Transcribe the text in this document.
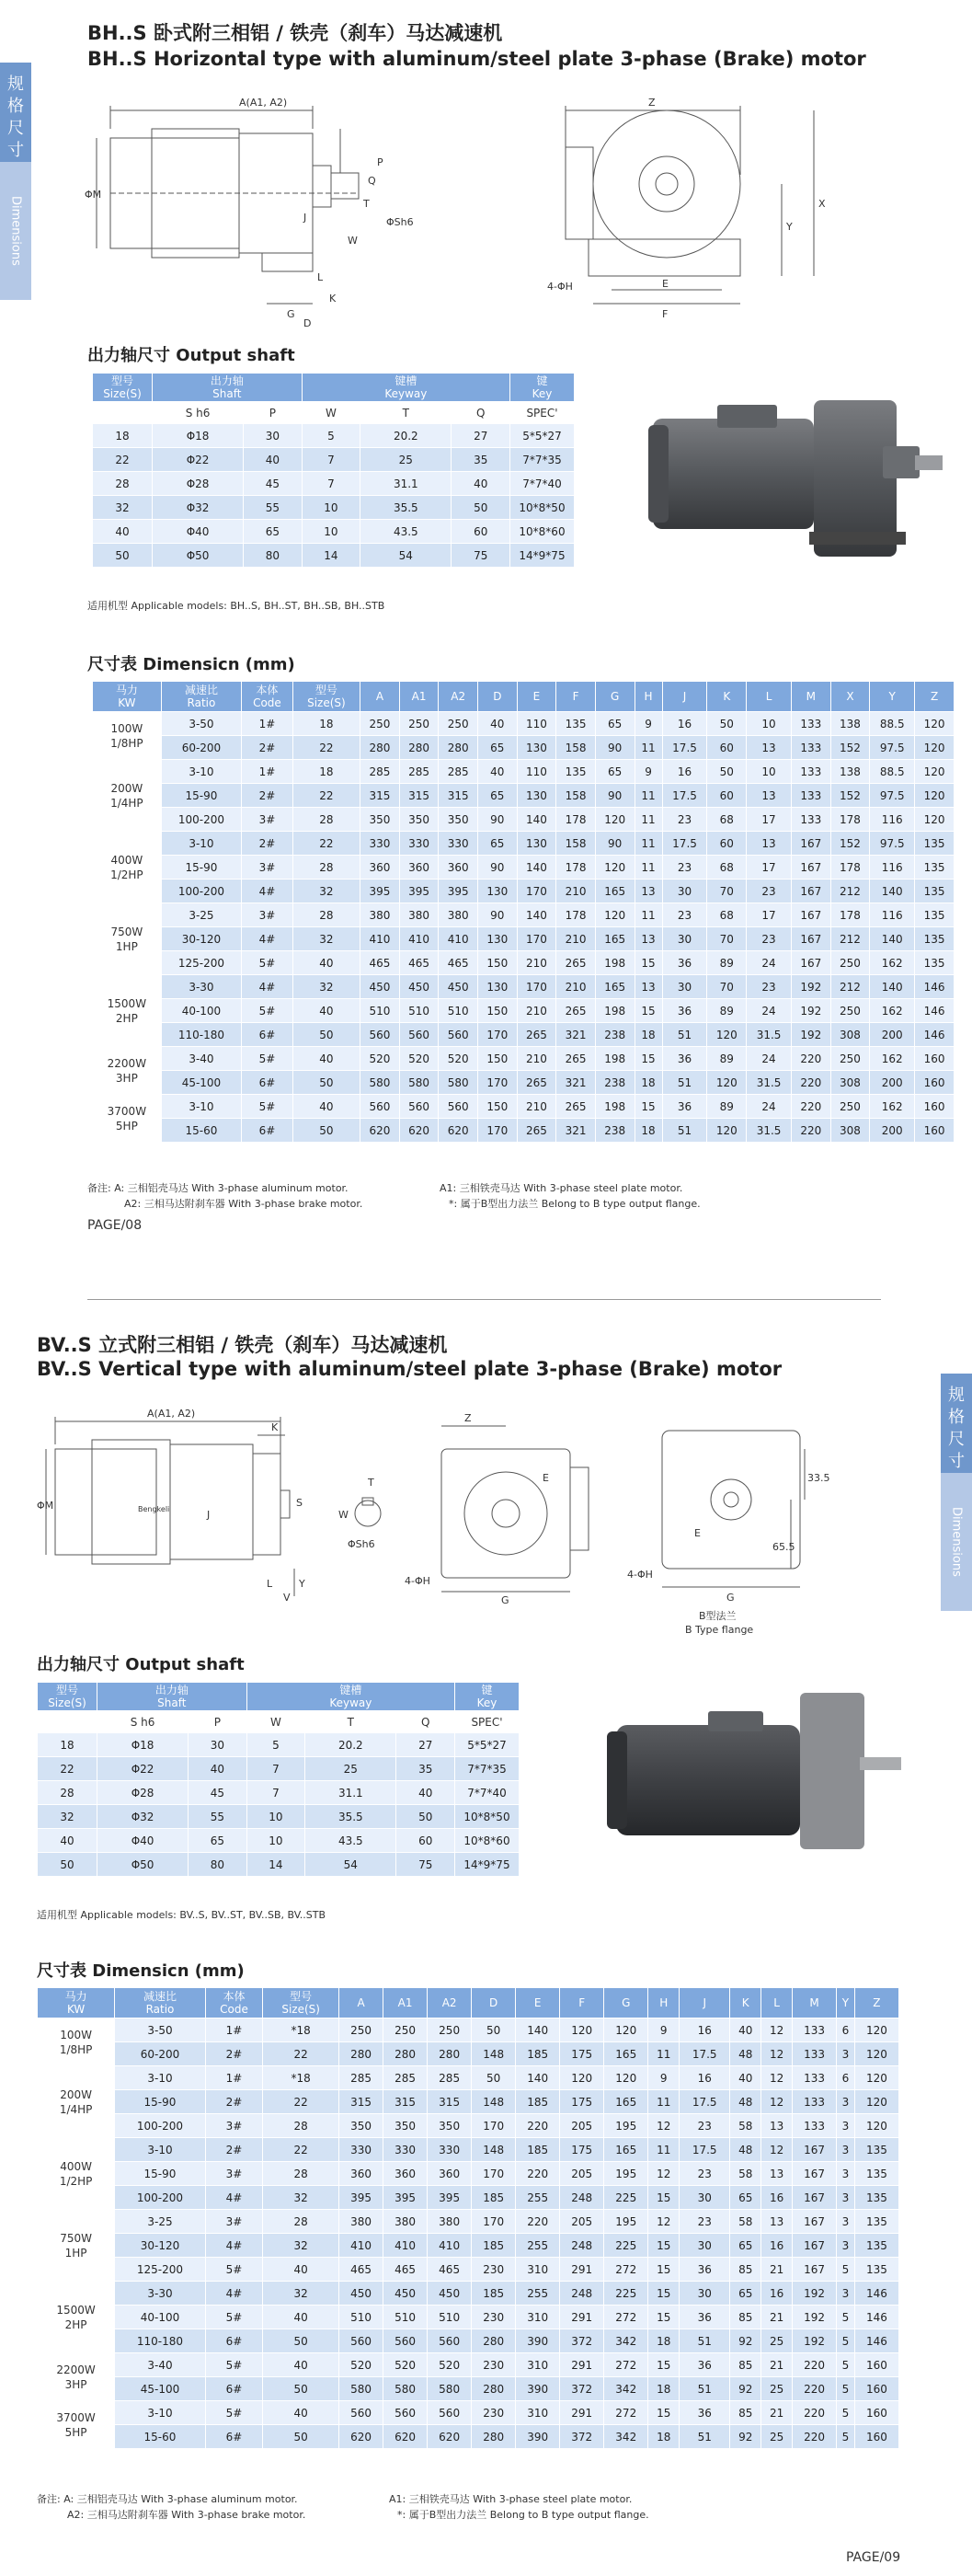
规格尺寸
Dimensions
规格尺寸
Dimensions
BH..S 卧式附三相铝 / 铁壳（刹车）马达减速机
BH..S Horizontal type with aluminum/steel plate 3-phase (Brake) motor
A(A1, A2)
P
Q
T
W
ΦM
J
L
G
K
D
ΦSh6
Z
X
Y
4-ΦH	E
F
出力轴尺寸 Output shaft
型号
Size(S)	出力轴
Shaft		键槽
Keyway			键
Key
	S h6	P	W	T	Q	SPEC'
18	Φ18	30	5	20.2	27	5*5*27
22	Φ22	40	7	25	35	7*7*35
28	Φ28	45	7	31.1	40	7*7*40
32	Φ32	55	10	35.5	50	10*8*50
40	Φ40	65	10	43.5	60	10*8*60
50	Φ50	80	14	54	75	14*9*75
适用机型 Applicable models: BH..S, BH..ST, BH..SB, BH..STB
尺寸表 Dimensicn (mm)
马力
KW	减速比
Ratio	本体
Code	型号
Size(S)	A	A1	A2	D	E	F	G	H	J	K	L	M	X	Y	Z
100W
1/8HP	3-50	1#	18	250	250	250	40	110	135	65	9	16	50	10	133	138	88.5	120
	60-200	2#	22	280	280	280	65	130	158	90	11	17.5	60	13	133	152	97.5	120
200W
1/4HP	3-10	1#	18	285	285	285	40	110	135	65	9	16	50	10	133	138	88.5	120
	15-90	2#	22	315	315	315	65	130	158	90	11	17.5	60	13	133	152	97.5	120
	100-200	3#	28	350	350	350	90	140	178	120	11	23	68	17	133	178	116	120
400W
1/2HP	3-10	2#	22	330	330	330	65	130	158	90	11	17.5	60	13	167	152	97.5	135
	15-90	3#	28	360	360	360	90	140	178	120	11	23	68	17	167	178	116	135
	100-200	4#	32	395	395	395	130	170	210	165	13	30	70	23	167	212	140	135
750W
1HP	3-25	3#	28	380	380	380	90	140	178	120	11	23	68	17	167	178	116	135
	30-120	4#	32	410	410	410	130	170	210	165	13	30	70	23	167	212	140	135
	125-200	5#	40	465	465	465	150	210	265	198	15	36	89	24	167	250	162	135
1500W
2HP	3-30	4#	32	450	450	450	130	170	210	165	13	30	70	23	192	212	140	146
	40-100	5#	40	510	510	510	150	210	265	198	15	36	89	24	192	250	162	146
	110-180	6#	50	560	560	560	170	265	321	238	18	51	120	31.5	192	308	200	146
2200W
3HP	3-40	5#	40	520	520	520	150	210	265	198	15	36	89	24	220	250	162	160
	45-100	6#	50	580	580	580	170	265	321	238	18	51	120	31.5	220	308	200	160
3700W
5HP	3-10	5#	40	560	560	560	150	210	265	198	15	36	89	24	220	250	162	160
	15-60	6#	50	620	620	620	170	265	321	238	18	51	120	31.5	220	308	200	160
备注: A: 三相铝壳马达 With 3-phase aluminum motor.
A2: 三相马达附刹车器 With 3-phase brake motor.
A1: 三相铁壳马达 With 3-phase steel plate motor.
*: 属于B型出力法兰 Belong to B type output flange.
PAGE/08
BV..S 立式附三相铝 / 铁壳（刹车）马达减速机
BV..S Vertical type with aluminum/steel plate 3-phase (Brake) motor
A(A1, A2)
K
S
J
L	Y
V
ΦM	Bengkeli
T
W
ΦSh6
Z
E
4-ΦH
G
33.5
65.5
E
4-ΦH
G
B型法兰
B Type flange
出力轴尺寸 Output shaft
型号
Size(S)	出力轴
Shaft		键槽
Keyway			键
Key
	S h6	P	W	T	Q	SPEC'
18	Φ18	30	5	20.2	27	5*5*27
22	Φ22	40	7	25	35	7*7*35
28	Φ28	45	7	31.1	40	7*7*40
32	Φ32	55	10	35.5	50	10*8*50
40	Φ40	65	10	43.5	60	10*8*60
50	Φ50	80	14	54	75	14*9*75
适用机型 Applicable models: BV..S, BV..ST, BV..SB, BV..STB
尺寸表 Dimensicn (mm)
马力
KW	减速比
Ratio	本体
Code	型号
Size(S)	A	A1	A2	D	E	F	G	H	J	K	L	M	Y	Z
100W
1/8HP	3-50	1#	*18	250	250	250	50	140	120	120	9	16	40	12	133	6	120
	60-200	2#	22	280	280	280	148	185	175	165	11	17.5	48	12	133	3	120
200W
1/4HP	3-10	1#	*18	285	285	285	50	140	120	120	9	16	40	12	133	6	120
	15-90	2#	22	315	315	315	148	185	175	165	11	17.5	48	12	133	3	120
	100-200	3#	28	350	350	350	170	220	205	195	12	23	58	13	133	3	120
400W
1/2HP	3-10	2#	22	330	330	330	148	185	175	165	11	17.5	48	12	167	3	135
	15-90	3#	28	360	360	360	170	220	205	195	12	23	58	13	167	3	135
	100-200	4#	32	395	395	395	185	255	248	225	15	30	65	16	167	3	135
750W
1HP	3-25	3#	28	380	380	380	170	220	205	195	12	23	58	13	167	3	135
	30-120	4#	32	410	410	410	185	255	248	225	15	30	65	16	167	3	135
	125-200	5#	40	465	465	465	230	310	291	272	15	36	85	21	167	5	135
1500W
2HP	3-30	4#	32	450	450	450	185	255	248	225	15	30	65	16	192	3	146
	40-100	5#	40	510	510	510	230	310	291	272	15	36	85	21	192	5	146
	110-180	6#	50	560	560	560	280	390	372	342	18	51	92	25	192	5	146
2200W
3HP	3-40	5#	40	520	520	520	230	310	291	272	15	36	85	21	220	5	160
	45-100	6#	50	580	580	580	280	390	372	342	18	51	92	25	220	5	160
3700W
5HP	3-10	5#	40	560	560	560	230	310	291	272	15	36	85	21	220	5	160
	15-60	6#	50	620	620	620	280	390	372	342	18	51	92	25	220	5	160
备注: A: 三相铝壳马达 With 3-phase aluminum motor.
A2: 三相马达附刹车器 With 3-phase brake motor.
A1: 三相铁壳马达 With 3-phase steel plate motor.
*: 属于B型出力法兰 Belong to B type output flange.
PAGE/09
